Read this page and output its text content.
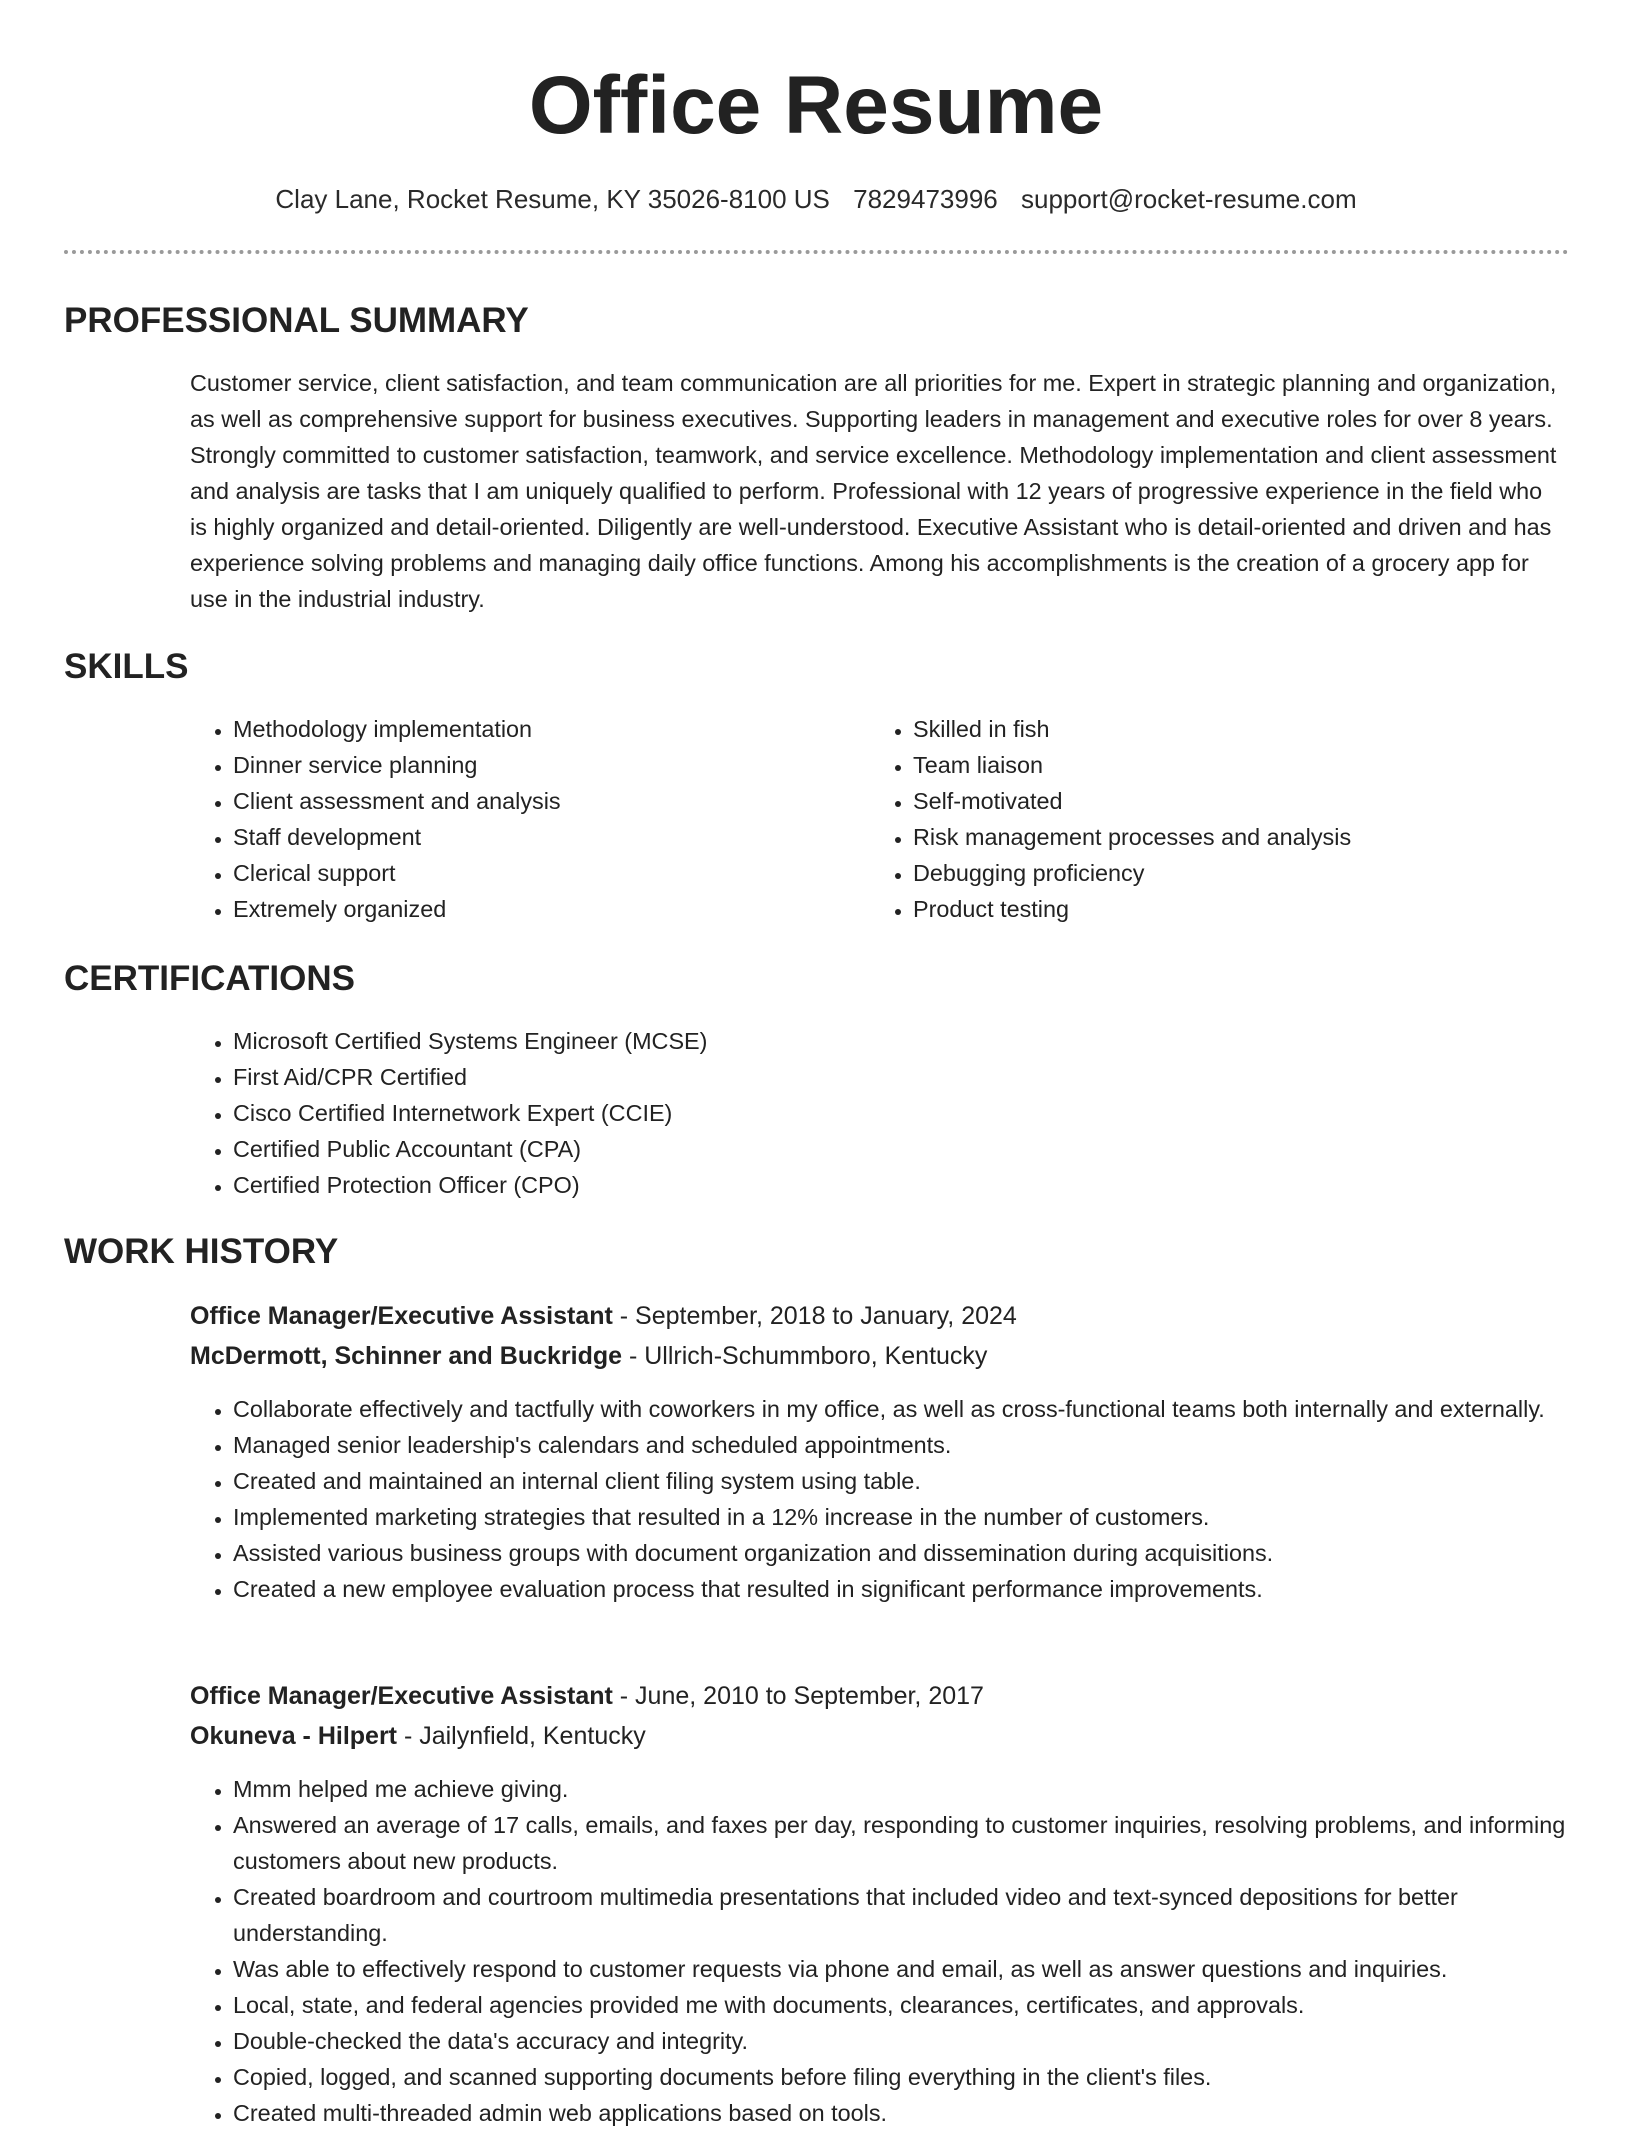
Office Resume
Clay Lane, Rocket Resume, KY 35026-8100 US 7829473996 support@rocket-resume.com
PROFESSIONAL SUMMARY

Customer service, client satisfaction, and team communication are all priorities for me. Expert in strategic planning and organization, as well as comprehensive support for business executives. Supporting leaders in management and executive roles for over 8 years. Strongly committed to customer satisfaction, teamwork, and service excellence. Methodology implementation and client assessment and analysis are tasks that I am uniquely qualified to perform. Professional with 12 years of progressive experience in the field who is highly organized and detail-oriented. Diligently are well-understood. Executive Assistant who is detail-oriented and driven and has experience solving problems and managing daily office functions. Among his accomplishments is the creation of a grocery app for use in the industrial industry.

SKILLS
• Methodology implementation
• Dinner service planning
• Client assessment and analysis
• Staff development
• Clerical support
• Extremely organized
• Skilled in fish
• Team liaison
• Self-motivated
• Risk management processes and analysis
• Debugging proficiency
• Product testing
CERTIFICATIONS
• Microsoft Certified Systems Engineer (MCSE)
• First Aid/CPR Certified
• Cisco Certified Internetwork Expert (CCIE)
• Certified Public Accountant (CPA)
• Certified Protection Officer (CPO)
WORK HISTORY
Office Manager/Executive Assistant - September, 2018 to January, 2024
McDermott, Schinner and Buckridge - Ullrich-Schummboro, Kentucky
• Collaborate effectively and tactfully with coworkers in my office, as well as cross-functional teams both internally and externally.
• Managed senior leadership's calendars and scheduled appointments.
• Created and maintained an internal client filing system using table.
• Implemented marketing strategies that resulted in a 12% increase in the number of customers.
• Assisted various business groups with document organization and dissemination during acquisitions.
• Created a new employee evaluation process that resulted in significant performance improvements.
Office Manager/Executive Assistant - June, 2010 to September, 2017
Okuneva - Hilpert - Jailynfield, Kentucky
• Mmm helped me achieve giving.
• Answered an average of 17 calls, emails, and faxes per day, responding to customer inquiries, resolving problems, and informing customers about new products.
• Created boardroom and courtroom multimedia presentations that included video and text-synced depositions for better understanding.
• Was able to effectively respond to customer requests via phone and email, as well as answer questions and inquiries.
• Local, state, and federal agencies provided me with documents, clearances, certificates, and approvals.
• Double-checked the data's accuracy and integrity.
• Copied, logged, and scanned supporting documents before filing everything in the client's files.
• Created multi-threaded admin web applications based on tools.
